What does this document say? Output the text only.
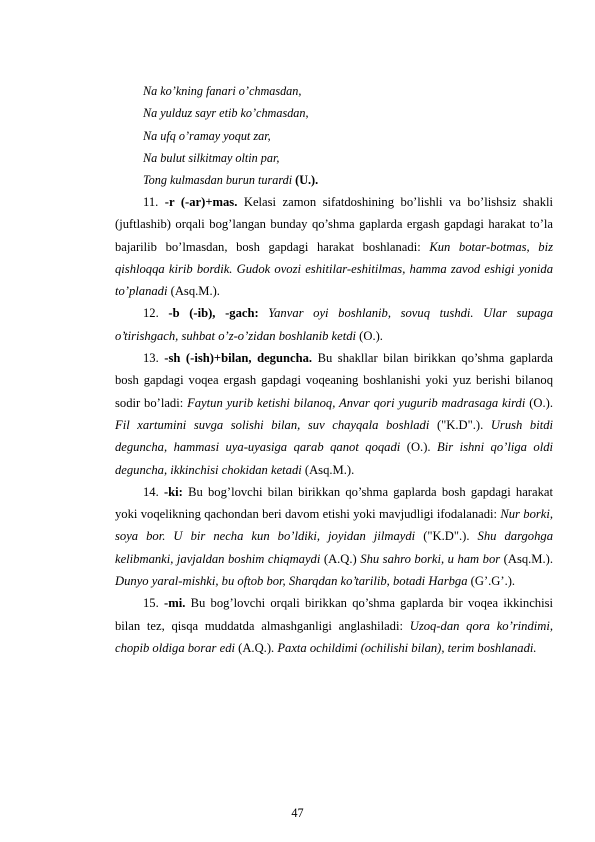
Na ko’kning fanari o’chmasdan,
Na yulduz sayr etib ko’chmasdan,
Na ufq o’ramay yoqut zar,
Na bulut silkitmay oltin par,
Tong kulmasdan burun turardi (U.).

11. -r (-ar)+mas. Kelasi zamon sifatdoshining bo’lishli va bo’lishsiz shakli (juftlashib) orqali bog’langan bunday qo’shma gaplarda ergash gapdagi harakat to’la bajarilib bo’lmasdan, bosh gapdagi harakat boshlanadi: Kun botar-botmas, biz qishloqqa kirib bordik. Gudok ovozi eshitilar-eshitilmas, hamma zavod eshigi yonida to’planadi (Asq.M.).

12. -b (-ib), -gach: Yanvar oyi boshlanib, sovuq tushdi. Ular supaga o’tirishgach, suhbat o’z-o’zidan boshlanib ketdi (O.).

13. -sh (-ish)+bilan, deguncha. Bu shakllar bilan birikkan qo’shma gaplarda bosh gapdagi voqea ergash gapdagi voqeaning boshlanishi yoki yuz berishi bilanoq sodir bo’ladi: Faytun yurib ketishi bilanoq, Anvar qori yugurib madrasaga kirdi (O.). Fil xartumini suvga solishi bilan, suv chayqala boshladi ("K.D".). Urush bitdi deguncha, hammasi uya-uyasiga qarab qanot qoqadi (O.). Bir ishni qo’liga oldi deguncha, ikkinchisi chokidan ketadi (Asq.M.).

14. -ki: Bu bog’lovchi bilan birikkan qo’shma gaplarda bosh gapdagi harakat yoki voqelikning qachondan beri davom etishi yoki mavjudligi ifodalanadi: Nur borki, soya bor. U bir necha kun bo’ldiki, joyidan jilmaydi ("K.D".). Shu dargohga kelibmanki, javjaldan boshim chiqmaydi (A.Q.) Shu sahro borki, u ham bor (Asq.M.). Dunyo yaral-mishki, bu oftob bor, Sharqdan ko’tarilib, botadi Harbga (G’.G’.).

15. -mi. Bu bog’lovchi orqali birikkan qo’shma gaplarda bir voqea ikkinchisi bilan tez, qisqa muddatda almashganligi anglashiladi: Uzoq-dan qora ko’rindimi, chopib oldiga borar edi (A.Q.). Paxta ochildimi (ochilishi bilan), terim boshlanadi.

47
